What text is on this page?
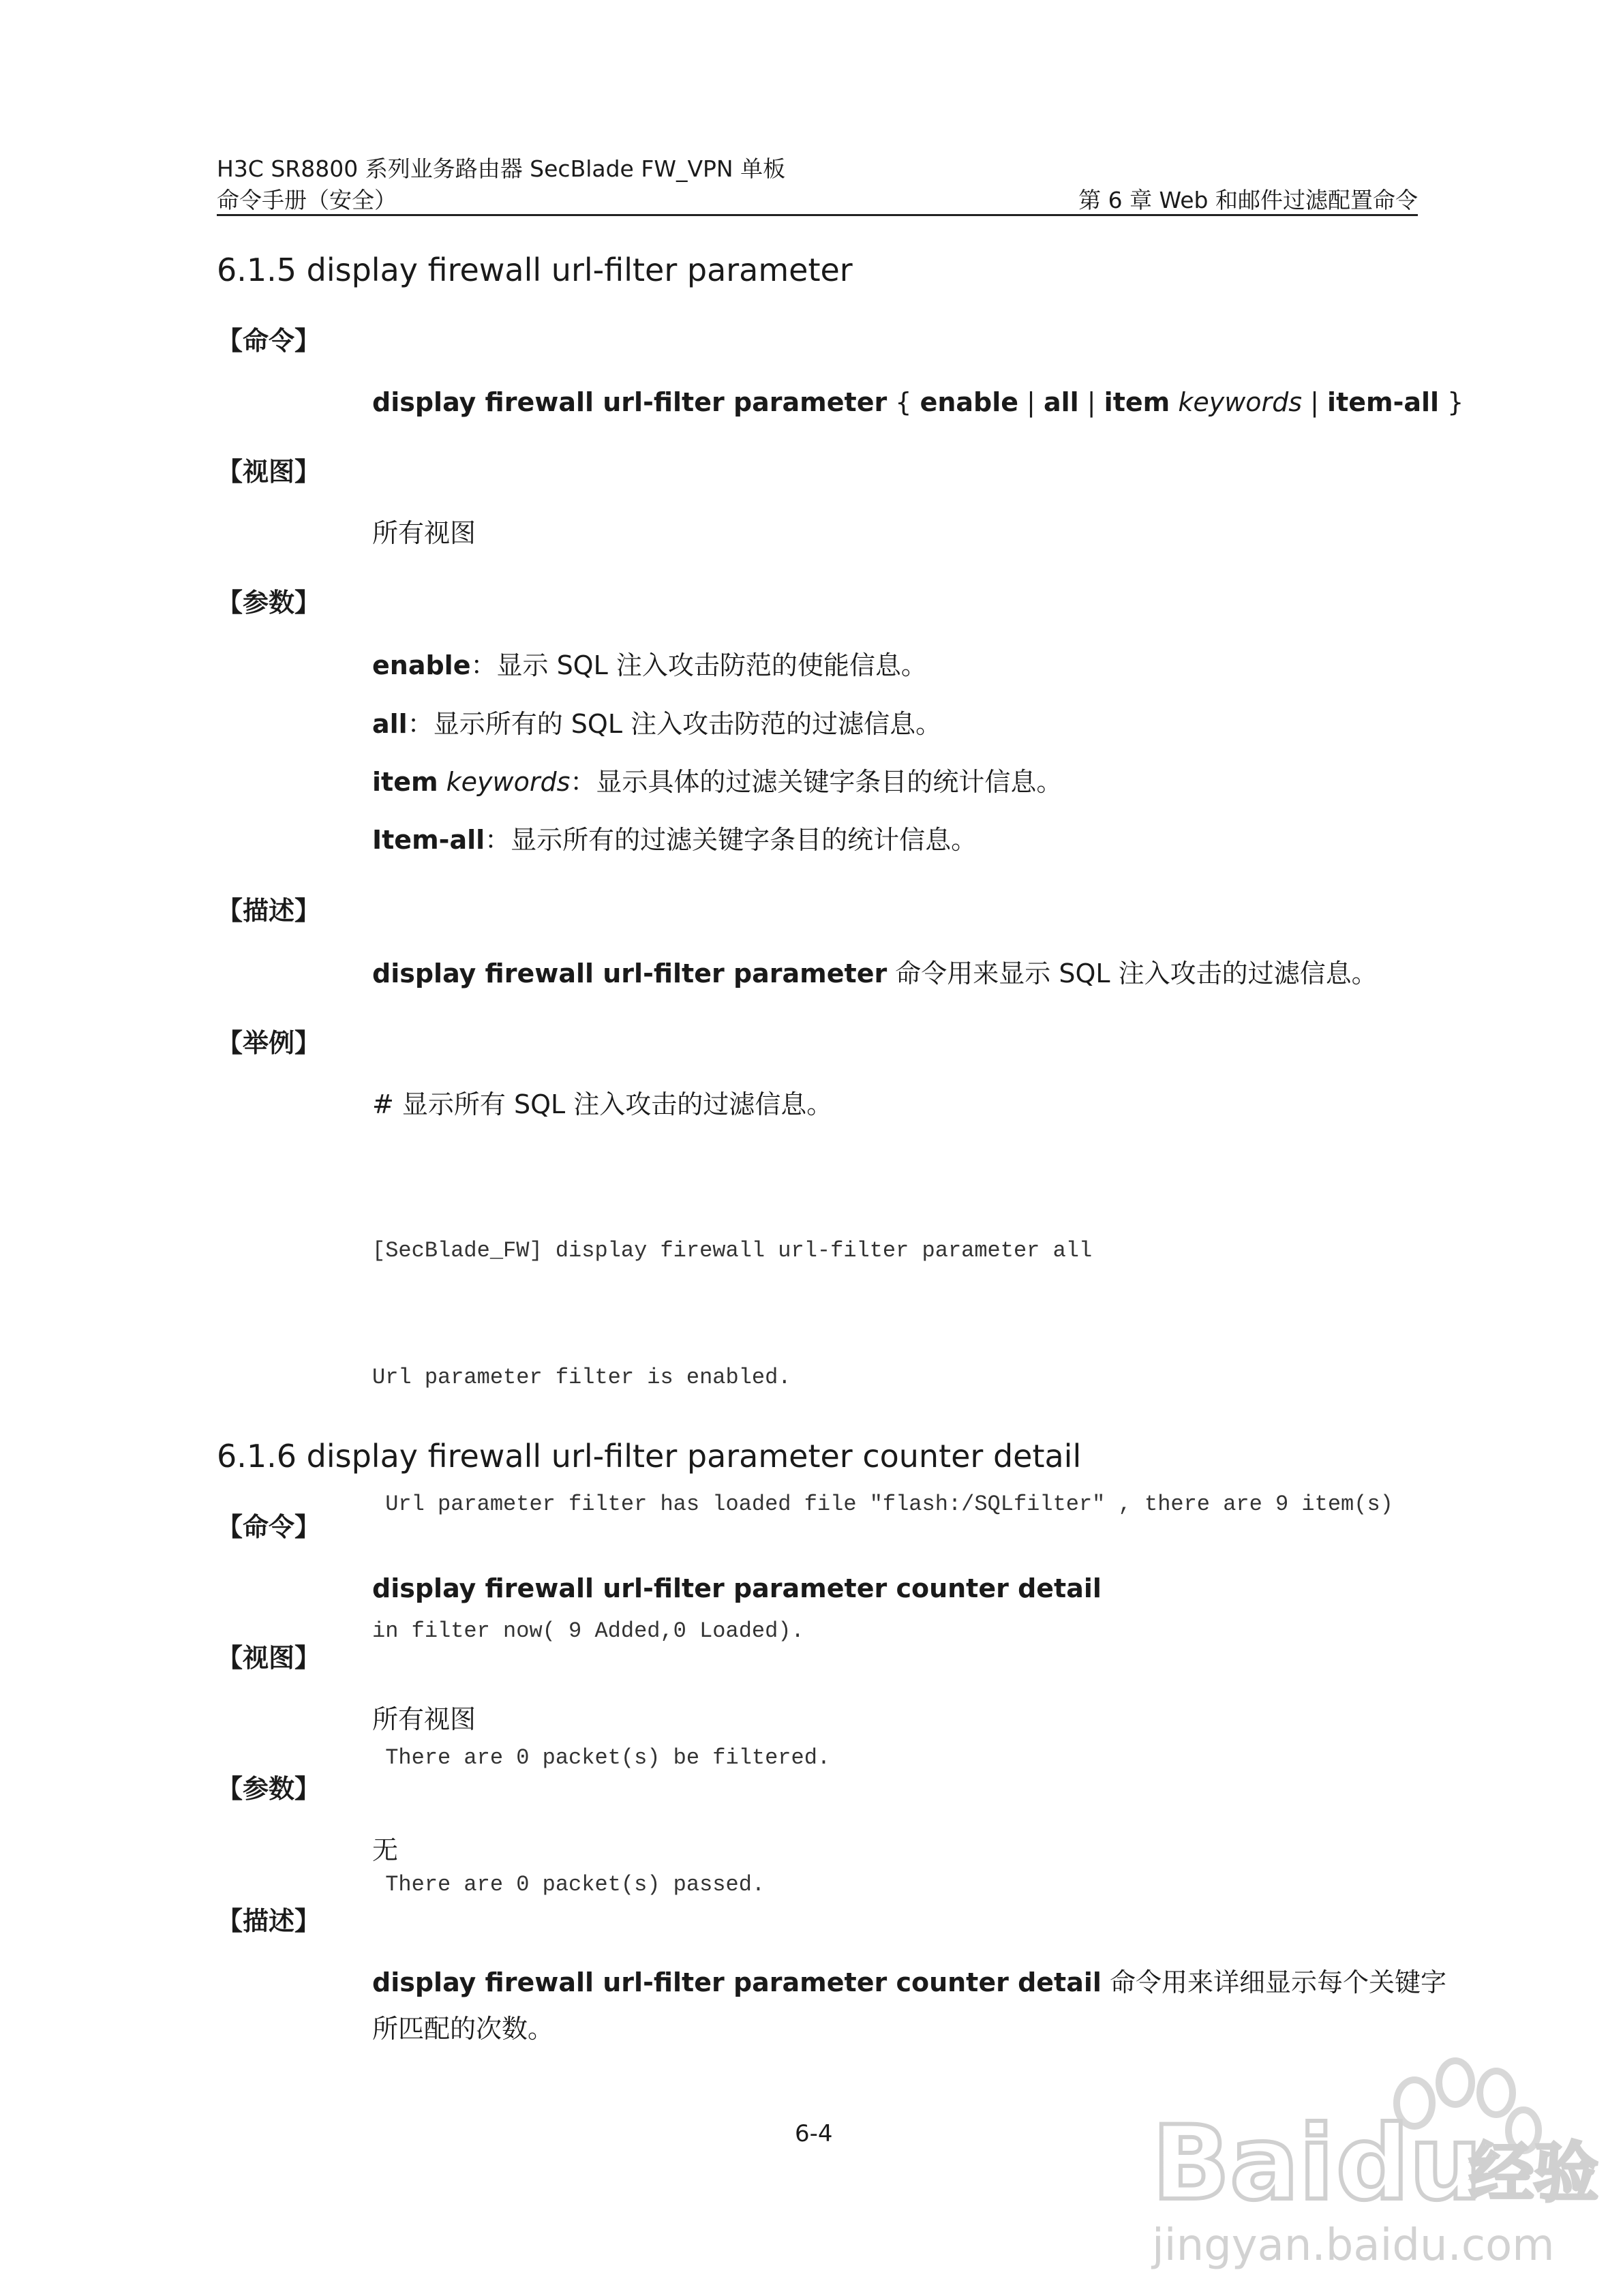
H3C SR8800 系列业务路由器 SecBlade FW_VPN 单板
命令手册（安全）	第 6 章 Web 和邮件过滤配置命令
6.1.5 display firewall url-filter parameter
【命令】
display firewall url-filter parameter { enable | all | item keywords | item-all }
【视图】
所有视图
【参数】
enable：显示 SQL 注入攻击防范的使能信息。
all：显示所有的 SQL 注入攻击防范的过滤信息。
item keywords：显示具体的过滤关键字条目的统计信息。
Item-all：显示所有的过滤关键字条目的统计信息。
【描述】
display firewall url-filter parameter 命令用来显示 SQL 注入攻击的过滤信息。
【举例】
# 显示所有 SQL 注入攻击的过滤信息。

[SecBlade_FW] display firewall url-filter parameter all

Url parameter filter is enabled.

Url parameter filter has loaded file "flash:/SQLfilter" , there are 9 item(s)

in filter now( 9 Added,0 Loaded).

There are 0 packet(s) be filtered.

There are 0 packet(s) passed.

6.1.6 display firewall url-filter parameter counter detail
【命令】
display firewall url-filter parameter counter detail
【视图】
所有视图
【参数】
无
【描述】
display firewall url-filter parameter counter detail 命令用来详细显示每个关键字
所匹配的次数。
6-4	Bai du
经验
jingyan.baidu.com
